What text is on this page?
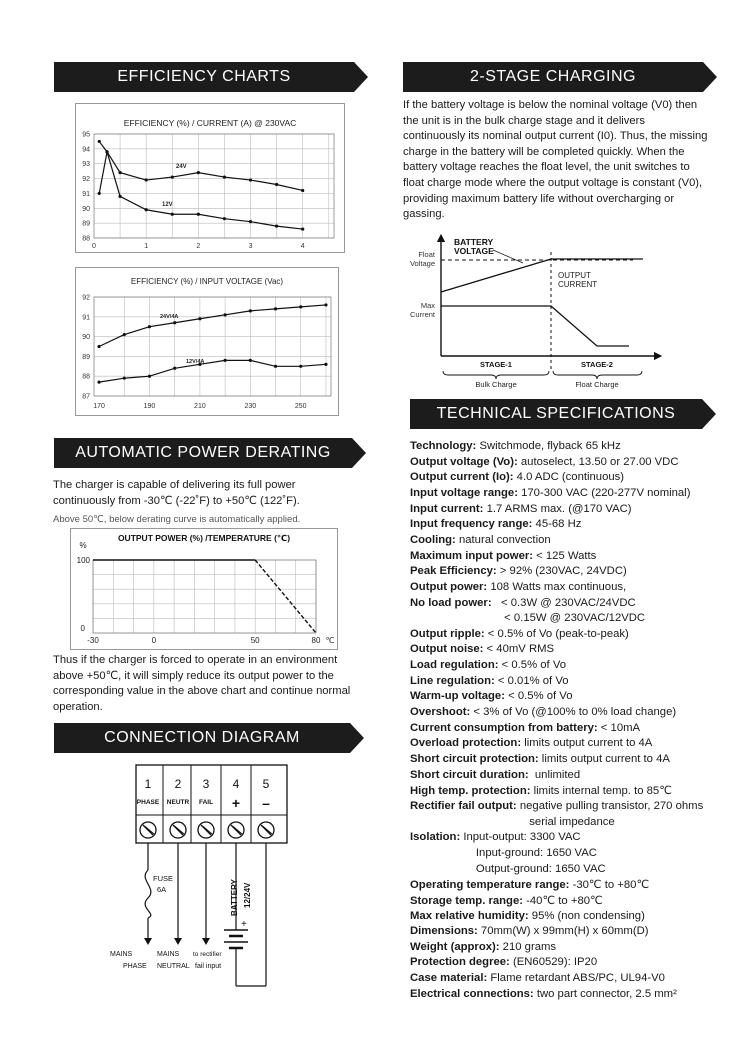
EFFICIENCY CHARTS	2-STAGE CHARGING
AUTOMATIC POWER DERATING
TECHNICAL SPECIFICATIONS
CONNECTION DIAGRAM
EFFICIENCY (%) / CURRENT (A) @ 230VAC
0	1	2	3	4
95
94
93
92
91
90
89
88
24V
12V
EFFICIENCY (%) / INPUT VOLTAGE (Vac)
170	190	210	230	250
92
91
90
89
88
87
24V/4A
12V/4A
If the battery voltage is below the nominal voltage (V0) then the unit is in the bulk charge stage and it delivers continuously its nominal output current (I0). Thus, the missing charge in the battery will be completed quickly. When the battery voltage reaches the float level, the unit switches to float charge mode where the output voltage is constant (V0), providing maximum battery life without overcharging or gassing.
BATTERY
VOLTAGE
Float
Voltage
Max
Current
OUTPUT
CURRENT
STAGE-1	STAGE-2
Bulk Charge	Float Charge
The charger is capable of delivering its full power continuously from -30℃ (-22˚F) to +50℃ (122˚F).
Above 50℃, below derating curve is automatically applied.
OUTPUT POWER (%) /TEMPERATURE (℃)
-30	0	50	80 ℃
%
100
0
Thus if the charger is forced to operate in an environment above +50℃, it will simply reduce its output power to the corresponding value in the above chart and continue normal operation.
Technology: Switchmode, flyback 65 kHz
Output voltage (Vo): autoselect, 13.50 or 27.00 VDC
Output current (Io): 4.0 ADC (continuous)
Input voltage range: 170-300 VAC (220-277V nominal)
Input current: 1.7 ARMS max. (@170 VAC)
Input frequency range: 45-68 Hz
Cooling: natural convection
Maximum input power: < 125 Watts
Peak Efficiency: > 92% (230VAC, 24VDC)
Output power: 108 Watts max continuous,
No load power:   < 0.3W @ 230VAC/24VDC
< 0.15W @ 230VAC/12VDC
Output ripple: < 0.5% of Vo (peak-to-peak)
Output noise: < 40mV RMS
Load regulation: < 0.5% of Vo
Line regulation: < 0.01% of Vo
Warm-up voltage: < 0.5% of Vo
Overshoot: < 3% of Vo (@100% to 0% load change)
Current consumption from battery: < 10mA
Overload protection: limits output current to 4A
Short circuit protection: limits output current to 4A
Short circuit duration:  unlimited
High temp. protection: limits internal temp. to 85℃
Rectifier fail output: negative pulling transistor, 270 ohms
serial impedance
Isolation: Input-output: 3300 VAC
Input-ground: 1650 VAC
Output-ground: 1650 VAC
Operating temperature range: -30℃ to +80℃
Storage temp. range: -40℃ to +80℃
Max relative humidity: 95% (non condensing)
Dimensions: 70mm(W) x 99mm(H) x 60mm(D)
Weight (approx): 210 grams
Protection degree: (EN60529): IP20
Case material: Flame retardant ABS/PC, UL94-V0
Electrical connections: two part connector, 2.5 mm²
1
PHASE
2
NEUTR
3
FAIL
4
+
5
–
FUSE
6A	BATTERY 12/24V
+
MAINS	MAINS to rectifier
PHASE NEUTRAL fail input
